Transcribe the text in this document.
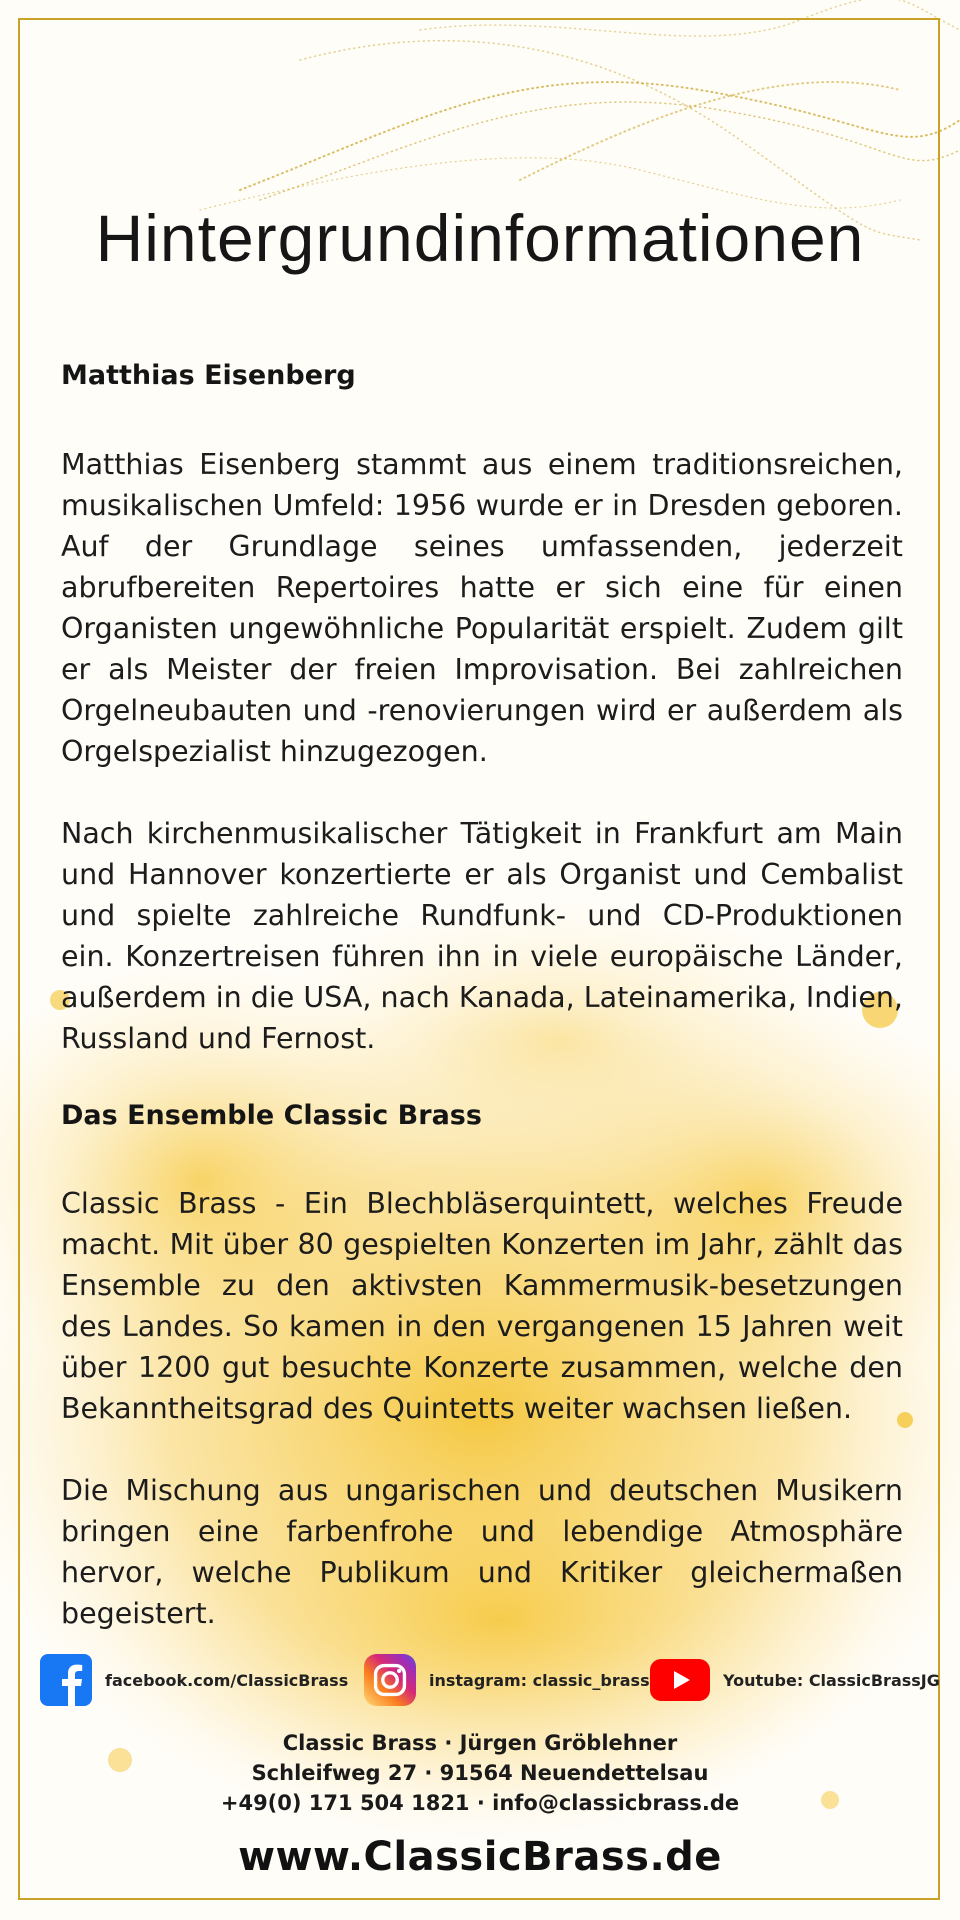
Hintergrundinformationen
Matthias Eisenberg

Matthias Eisenberg stammt aus einem traditionsreichen, musikalischen Umfeld: 1956 wurde er in Dresden geboren. Auf der Grundlage seines umfassenden, jederzeit abrufbereiten Repertoires hatte er sich eine für einen Organisten ungewöhnliche Popularität erspielt. Zudem gilt er als Meister der freien Improvisation. Bei zahlreichen Orgelneubauten und -renovierungen wird er außerdem als Orgelspezialist hinzugezogen.

Nach kirchenmusikalischer Tätigkeit in Frankfurt am Main und Hannover konzertierte er als Organist und Cembalist und spielte zahlreiche Rundfunk- und CD-Produktionen ein. Konzertreisen führen ihn in viele europäische Länder, außerdem in die USA, nach Kanada, Lateinamerika, Indien, Russland und Fernost.

Das Ensemble Classic Brass

Classic Brass - Ein Blechbläserquintett, welches Freude macht. Mit über 80 gespielten Konzerten im Jahr, zählt das Ensemble zu den aktivsten Kammermusik-besetzungen des Landes. So kamen in den vergangenen 15 Jahren weit über 1200 gut besuchte Konzerte zusammen, welche den Bekanntheitsgrad des Quintetts weiter wachsen ließen.

Die Mischung aus ungarischen und deutschen Musikern bringen eine farbenfrohe und lebendige Atmosphäre hervor, welche Publikum und Kritiker gleichermaßen begeistert.

facebook.com/ClassicBrass	instagram: classic_brass	Youtube: ClassicBrassJG
Classic Brass · Jürgen Gröblehner
Schleifweg 27 · 91564 Neuendettelsau
+49(0) 171 504 1821 · info@classicbrass.de
www.ClassicBrass.de
